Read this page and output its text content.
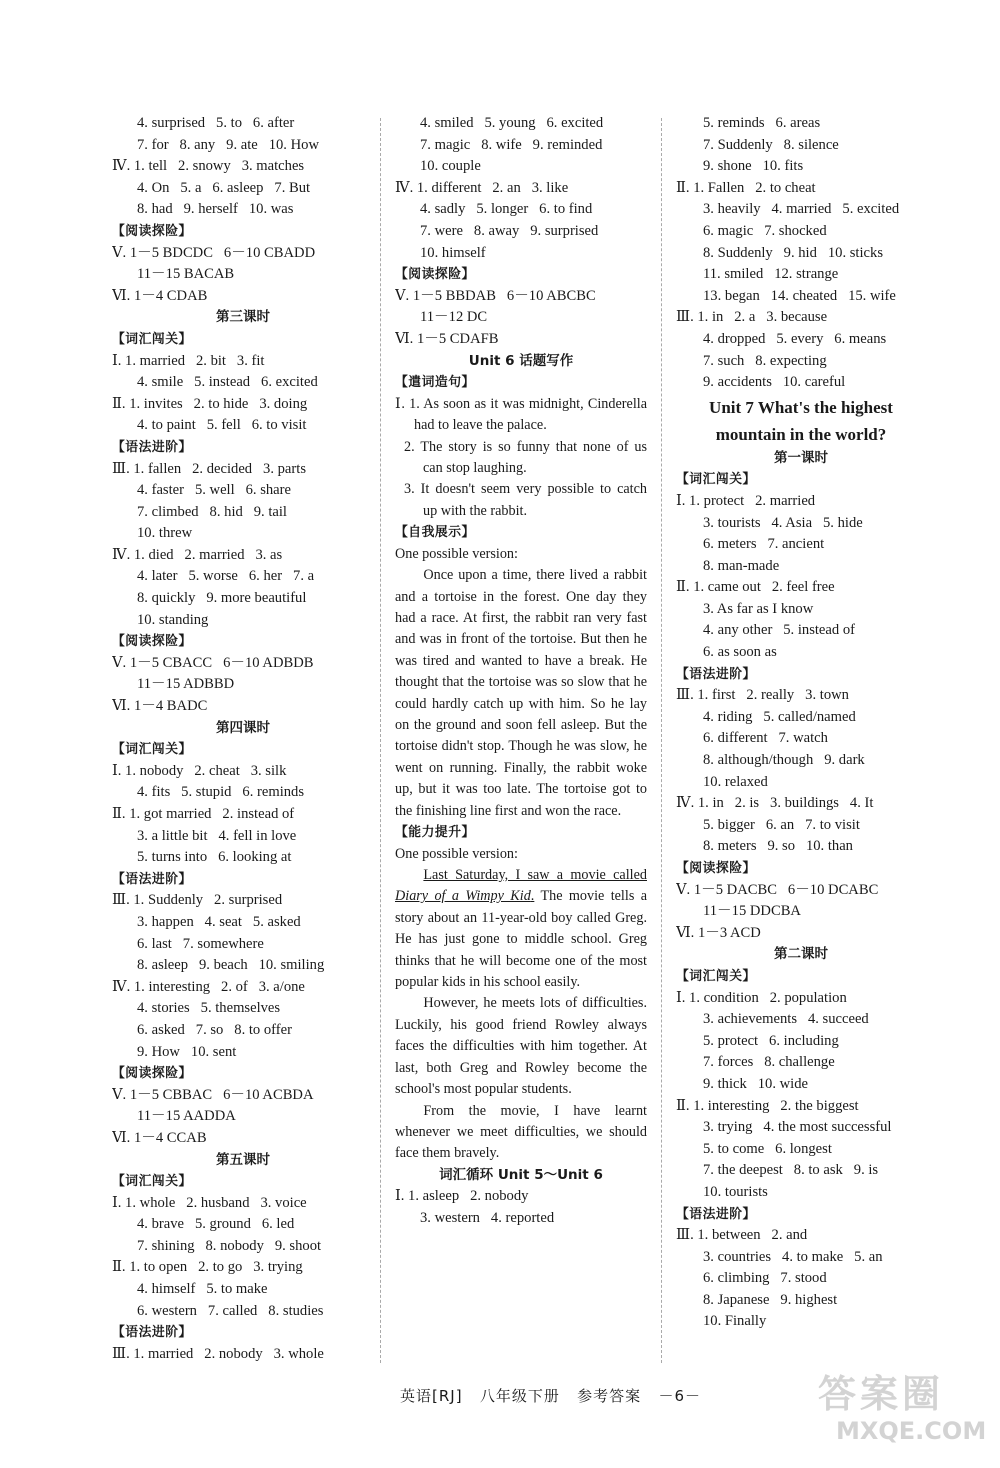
4. surprised   5. to   6. after
7. for   8. any   9. ate   10. How
Ⅳ. 1. tell   2. snowy   3. matches
4. On   5. a   6. asleep   7. But
8. had   9. herself   10. was
【阅读探险】
Ⅴ. 1－5 BDCDC   6－10 CBADD
11－15 BACAB
Ⅵ. 1－4 CDAB
第三课时
【词汇闯关】
Ⅰ. 1. married   2. bit   3. fit
4. smile   5. instead   6. excited
Ⅱ. 1. invites   2. to hide   3. doing
4. to paint   5. fell   6. to visit
【语法进阶】
Ⅲ. 1. fallen   2. decided   3. parts
4. faster   5. well   6. share
7. climbed   8. hid   9. tail
10. threw
Ⅳ. 1. died   2. married   3. as
4. later   5. worse   6. her   7. a
8. quickly   9. more beautiful
10. standing
【阅读探险】
Ⅴ. 1－5 CBACC   6－10 ADBDB
11－15 ADBBD
Ⅵ. 1－4 BADC
第四课时
【词汇闯关】
Ⅰ. 1. nobody   2. cheat   3. silk
4. fits   5. stupid   6. reminds
Ⅱ. 1. got married   2. instead of
3. a little bit   4. fell in love
5. turns into   6. looking at
【语法进阶】
Ⅲ. 1. Suddenly   2. surprised
3. happen   4. seat   5. asked
6. last   7. somewhere
8. asleep   9. beach   10. smiling
Ⅳ. 1. interesting   2. of   3. a/one
4. stories   5. themselves
6. asked   7. so   8. to offer
9. How   10. sent
【阅读探险】
Ⅴ. 1－5 CBBAC   6－10 ACBDA
11－15 AADDA
Ⅵ. 1－4 CCAB
第五课时
【词汇闯关】
Ⅰ. 1. whole   2. husband   3. voice
4. brave   5. ground   6. led
7. shining   8. nobody   9. shoot
Ⅱ. 1. to open   2. to go   3. trying
4. himself   5. to make
6. western   7. called   8. studies
【语法进阶】
Ⅲ. 1. married   2. nobody   3. whole
4. smiled   5. young   6. excited
7. magic   8. wife   9. reminded
10. couple
Ⅳ. 1. different   2. an   3. like
4. sadly   5. longer   6. to find
7. were   8. away   9. surprised
10. himself
【阅读探险】
Ⅴ. 1－5 BBDAB   6－10 ABCBC
11－12 DC
Ⅵ. 1－5 CDAFB
Unit 6 话题写作
【遣词造句】
Ⅰ. 1. As soon as it was midnight, Cinderella had to leave the palace.
2. The story is so funny that none of us can stop laughing.
3. It doesn't seem very possible to catch up with the rabbit.
【自我展示】

One possible version:

Once upon a time, there lived a rabbit and a tortoise in the forest. One day they had a race. At first, the rabbit ran very fast and was in front of the tortoise. But then he was tired and wanted to have a break. He thought that the tortoise was so slow that he could hardly catch up with him. So he lay on the ground and soon fell asleep. But the tortoise didn't stop. Though he was slow, he went on running. Finally, the rabbit woke up, but it was too late. The tortoise got to the finishing line first and won the race.

【能力提升】

One possible version:

Last Saturday, I saw a movie called Diary of a Wimpy Kid. The movie tells a story about an 11-year-old boy called Greg. He has just gone to middle school. Greg thinks that he will become one of the most popular kids in his school easily.

However, he meets lots of difficulties. Luckily, his good friend Rowley always faces the difficulties with him together. At last, both Greg and Rowley become the school's most popular students.

From the movie, I have learnt whenever we meet difficulties, we should face them bravely.

词汇循环 Unit 5～Unit 6
Ⅰ. 1. asleep   2. nobody
3. western   4. reported
5. reminds   6. areas
7. Suddenly   8. silence
9. shone   10. fits
Ⅱ. 1. Fallen   2. to cheat
3. heavily   4. married   5. excited
6. magic   7. shocked
8. Suddenly   9. hid   10. sticks
11. smiled   12. strange
13. began   14. cheated   15. wife
Ⅲ. 1. in   2. a   3. because
4. dropped   5. every   6. means
7. such   8. expecting
9. accidents   10. careful
Unit 7 What's the highest
mountain in the world?
第一课时
【词汇闯关】
Ⅰ. 1. protect   2. married
3. tourists   4. Asia   5. hide
6. meters   7. ancient
8. man-made
Ⅱ. 1. came out   2. feel free
3. As far as I know
4. any other   5. instead of
6. as soon as
【语法进阶】
Ⅲ. 1. first   2. really   3. town
4. riding   5. called/named
6. different   7. watch
8. although/though   9. dark
10. relaxed
Ⅳ. 1. in   2. is   3. buildings   4. It
5. bigger   6. an   7. to visit
8. meters   9. so   10. than
【阅读探险】
Ⅴ. 1－5 DACBC   6－10 DCABC
11－15 DDCBA
Ⅵ. 1－3 ACD
第二课时
【词汇闯关】
Ⅰ. 1. condition   2. population
3. achievements   4. succeed
5. protect   6. including
7. forces   8. challenge
9. thick   10. wide
Ⅱ. 1. interesting   2. the biggest
3. trying   4. the most successful
5. to come   6. longest
7. the deepest   8. to ask   9. is
10. tourists
【语法进阶】
Ⅲ. 1. between   2. and
3. countries   4. to make   5. an
6. climbing   7. stood
8. Japanese   9. highest
10. Finally
英语[RJ]   八年级下册   参考答案   －6－	答案圈
MXQE.COM
